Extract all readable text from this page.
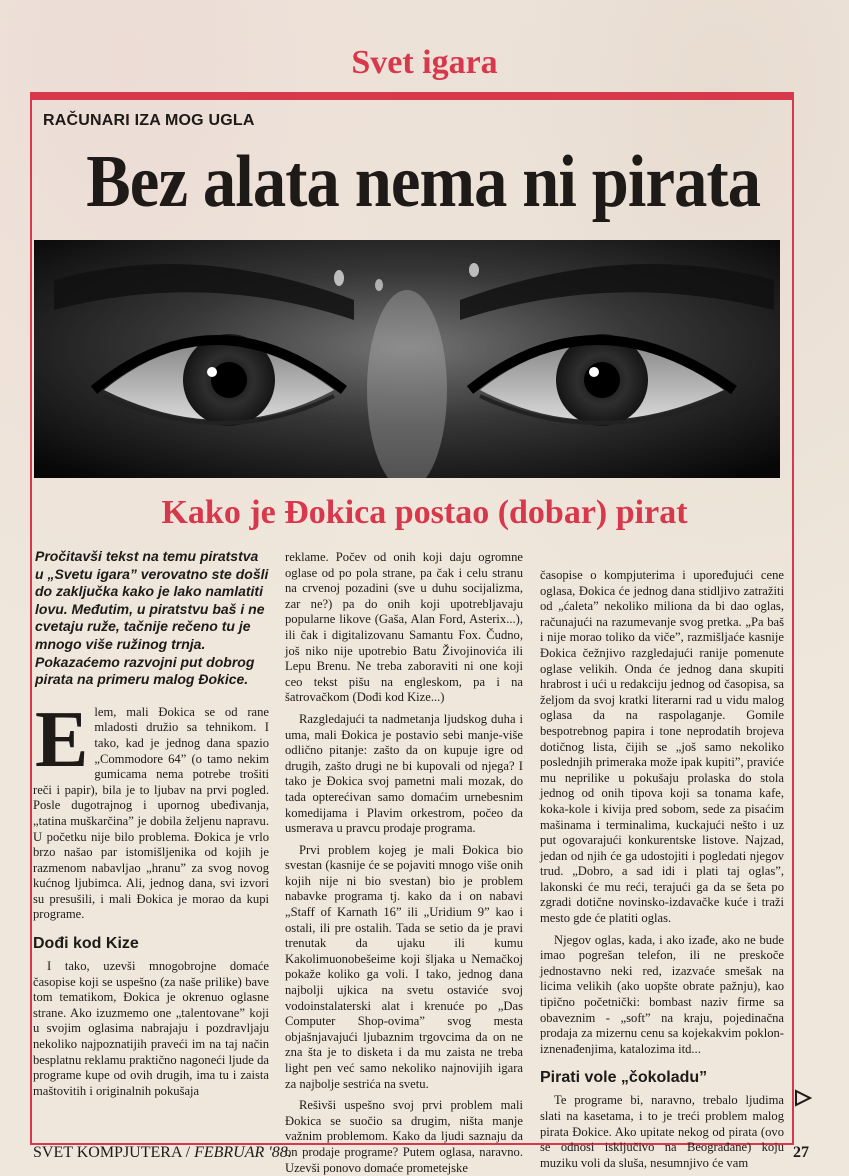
Svet igara
RAČUNARI IZA MOG UGLA
Bez alata nema ni pirata
Kako je Đokica postao (dobar) pirat
Pročitavši tekst na temu piratstva u „Svetu igara” verovatno ste došli do zaključka kako je lako namlatiti lovu. Međutim, u piratstvu baš i ne cvetaju ruže, tačnije rečeno tu je mnogo više ružinog trnja. Pokazaćemo razvojni put dobrog pirata na primeru malog Đokice.
E lem, mali Đokica se od rane mladosti družio sa tehnikom. I tako, kad je jednog dana spazio „Commodore 64” (o tamo nekim gumicama nema potrebe trošiti reči i papir), bila je to ljubav na prvi pogled. Posle dugotrajnog i upornog ubeđivanja, „tatina muškarčina” je dobila željenu napravu. U početku nije bilo problema. Đokica je vrlo brzo našao par istomišljenika od kojih je razmenom nabavljao „hranu” za svog novog kućnog ljubimca. Ali, jednog dana, svi izvori su presušili, i mali Đokica je morao da kupi programe.

Dođi kod Kize

I tako, uzevši mnogobrojne domaće časopise koji se uspešno (za naše prilike) bave tom tematikom, Đokica je okrenuo oglasne strane. Ako izuzmemo one „talentovane” koji u svojim oglasima nabrajaju i pozdravljaju nekoliko najpoznatijih praveći im na taj način besplatnu reklamu praktično nagoneći ljude da programe kupe od ovih drugih, ima tu i zaista maštovitih i originalnih pokušaja

reklame. Počev od onih koji daju ogromne oglase od po pola strane, pa čak i celu stranu na crvenoj pozadini (sve u duhu socijalizma, zar ne?) pa do onih koji upotrebljavaju popularne likove (Gaša, Alan Ford, Asterix...), ili čak i digitalizovanu Samantu Fox. Čudno, još niko nije upotrebio Batu Živojinovića ili Lepu Brenu. Ne treba zaboraviti ni one koji ceo tekst pišu na engleskom, pa i na šatrovačkom (Dođi kod Kize...)

Razgledajući ta nadmetanja ljudskog duha i uma, mali Đokica je postavio sebi manje-više odlično pitanje: zašto da on kupuje igre od drugih, zašto drugi ne bi kupovali od njega? I tako je Đokica svoj pametni mali mozak, do tada opterećivan samo domaćim urnebesnim komedijama i Plavim orkestrom, počeo da usmerava u pravcu prodaje programa.

Prvi problem kojeg je mali Đokica bio svestan (kasnije će se pojaviti mnogo više onih kojih nije ni bio svestan) bio je problem nabavke programa tj. kako da i on nabavi „Staff of Karnath 16” ili „Uridium 9” kao i ostali, ili pre ostalih. Tada se setio da je pravi trenutak da ujaku ili kumu Kakolimuonobešeime koji šljaka u Nemačkoj pokaže koliko ga voli. I tako, jednog dana najbolji ujkica na svetu ostaviće svoj vodoinstalaterski alat i krenuće po „Das Computer Shop-ovima” svog mesta objašnjavajući ljubaznim trgovcima da on ne zna šta je to disketa i da mu zaista ne treba light pen već samo nekoliko najnovijih igara za najbolje sestrića na svetu.

Rešivši uspešno svoj prvi problem mali Đokica se suočio sa drugim, ništa manje važnim problemom. Kako da ljudi saznaju da on prodaje programe? Putem oglasa, naravno. Uzevši ponovo domaće prometejske

časopise o kompjuterima i upoređujući cene oglasa, Đokica će jednog dana stidljivo zatražiti od „ćaleta” nekoliko miliona da bi dao oglas, računajući na razumevanje svog pretka. „Pa baš i nije morao toliko da viče”, razmišljaće kasnije Đokica čežnjivo razgledajući ranije pomenute oglase velikih. Onda će jednog dana skupiti hrabrost i ući u redakciju jednog od časopisa, sa željom da svoj kratki literarni rad u vidu malog oglasa da na raspolaganje. Gomile bespotrebnog papira i tone neprodatih brojeva dotičnog lista, čijih se „još samo nekoliko poslednjih primeraka može ipak kupiti”, praviće mu neprilike u pokušaju prolaska do stola jednog od onih tipova koji sa tonama kafe, koka-kole i kivija pred sobom, sede za pisaćim mašinama i terminalima, kuckajući nešto i uz put ogovarajući konkurentske listove. Najzad, jedan od njih će ga udostojiti i pogledati njegov trud. „Dobro, a sad idi i plati taj oglas”, lakonski će mu reći, terajući ga da se šeta po zgradi dotične novinsko-izdavačke kuće i traži mesto gde će platiti oglas.

Njegov oglas, kada, i ako izađe, ako ne bude imao pogrešan telefon, ili ne preskoče jednostavno neki red, izazvaće smešak na licima velikih (ako uopšte obrate pažnju), kao tipično početnički: bombast naziv firme sa obaveznim - „soft” na kraju, pojedinačna prodaja za mizernu cenu sa kojekakvim poklon-iznenađenjima, katalozima itd...

Pirati vole „čokoladu”

Te programe bi, naravno, trebalo ljudima slati na kasetama, i to je treći problem malog pirata Đokice. Ako upitate nekog od pirata (ovo se odnosi isključivo na Beograđane) koju muziku voli da sluša, nesumnjivo će vam

SVET KOMPJUTERA / FEBRUAR '88.	27
